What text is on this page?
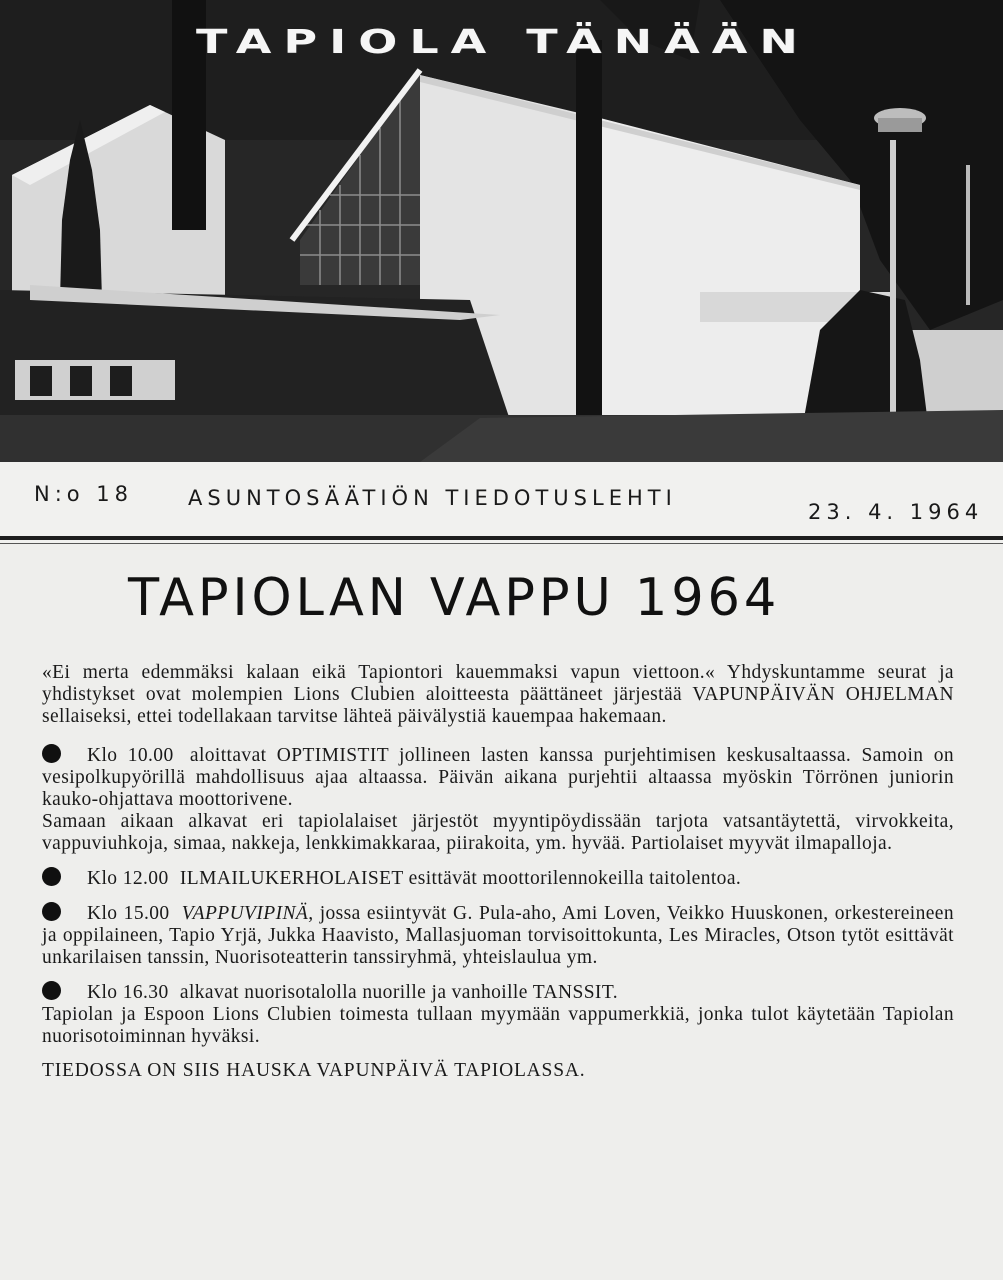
TAPIOLA TÄNÄÄN
N:o 18	ASUNTOSÄÄTIÖN TIEDOTUSLEHTI
23. 4. 1964
TAPIOLAN VAPPU 1964

«Ei merta edemmäksi kalaan eikä Tapiontori kauemmaksi vapun viettoon.« Yhdyskuntamme seurat ja yhdistykset ovat molempien Lions Clubien aloitteesta päättäneet järjestää VAPUNPÄIVÄN OHJELMAN sellaiseksi, ettei todellakaan tarvitse lähteä päivälystiä kauempaa hakemaan.

Klo 10.00 aloittavat OPTIMISTIT jollineen lasten kanssa purjehtimisen keskusaltaassa. Samoin on vesipolkupyörillä mahdollisuus ajaa altaassa. Päivän aikana purjehtii altaassa myöskin Törrönen juniorin kauko-ohjattava moottorivene.

Samaan aikaan alkavat eri tapiolalaiset järjestöt myyntipöydissään tarjota vatsantäytettä, virvokkeita, vappuviuhkoja, simaa, nakkeja, lenkkimakkaraa, piirakoita, ym. hyvää. Partiolaiset myyvät ilmapalloja.

Klo 12.00 ILMAILUKERHOLAISET esittävät moottorilennokeilla taitolentoa.

Klo 15.00 VAPPUVIPINÄ, jossa esiintyvät G. Pula-aho, Ami Loven, Veikko Huuskonen, orkestereineen ja oppilaineen, Tapio Yrjä, Jukka Haavisto, Mallasjuoman torvisoittokunta, Les Miracles, Otson tytöt esittävät unkarilaisen tanssin, Nuorisoteatterin tanssiryhmä, yhteislaulua ym.

Klo 16.30 alkavat nuorisotalolla nuorille ja vanhoille TANSSIT.

Tapiolan ja Espoon Lions Clubien toimesta tullaan myymään vappumerkkiä, jonka tulot käytetään Tapiolan nuorisotoiminnan hyväksi.

TIEDOSSA ON SIIS HAUSKA VAPUNPÄIVÄ TAPIOLASSA.
